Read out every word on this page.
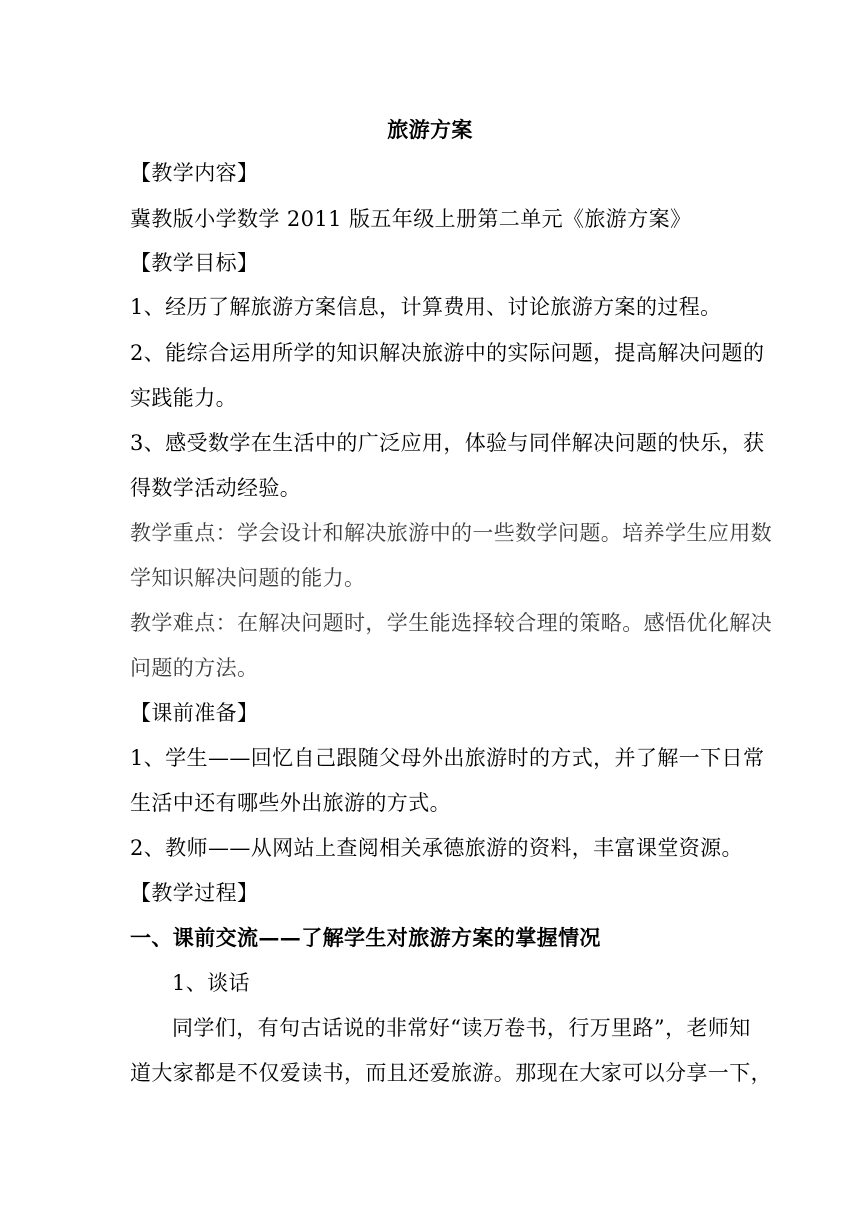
旅游方案
【教学内容】
冀教版小学数学 2011 版五年级上册第二单元《旅游方案》
【教学目标】
1、经历了解旅游方案信息，计算费用、讨论旅游方案的过程。
2、能综合运用所学的知识解决旅游中的实际问题，提高解决问题的
实践能力。
3、感受数学在生活中的广泛应用，体验与同伴解决问题的快乐，获
得数学活动经验。
教学重点：学会设计和解决旅游中的一些数学问题。培养学生应用数
学知识解决问题的能力。
教学难点：在解决问题时，学生能选择较合理的策略。感悟优化解决
问题的方法。
【课前准备】
1、学生——回忆自己跟随父母外出旅游时的方式，并了解一下日常
生活中还有哪些外出旅游的方式。
2、教师——从网站上查阅相关承德旅游的资料，丰富课堂资源。
【教学过程】
一、课前交流——了解学生对旅游方案的掌握情况
1、谈话
同学们，有句古话说的非常好“读万卷书，行万里路”，老师知
道大家都是不仅爱读书，而且还爱旅游。那现在大家可以分享一下，
